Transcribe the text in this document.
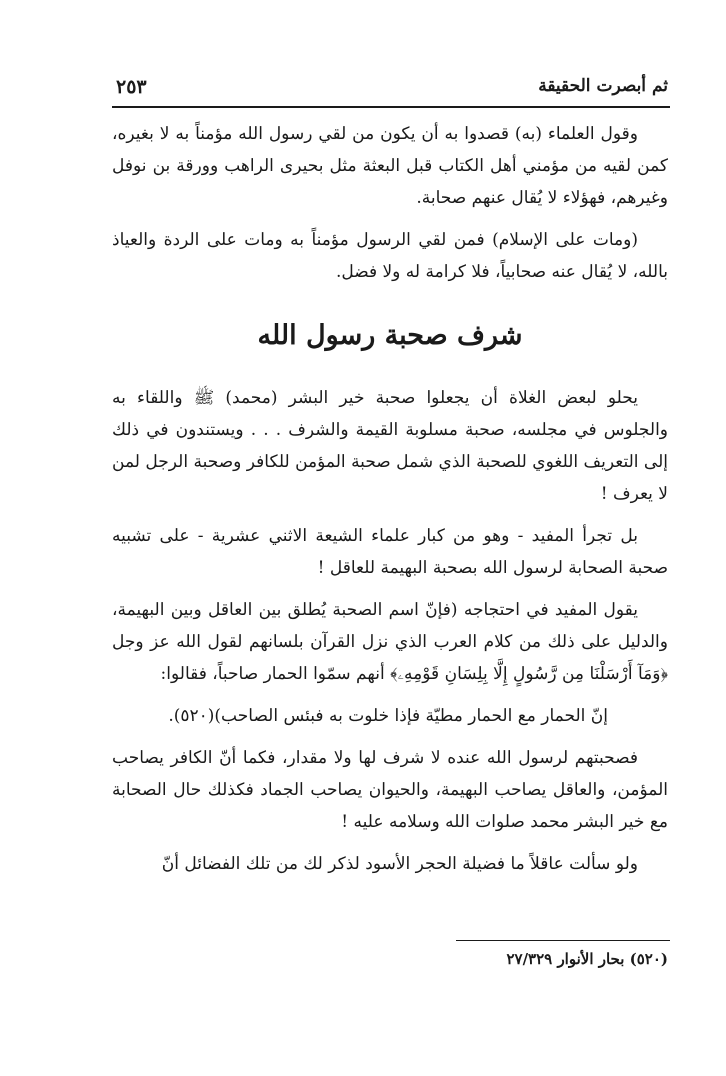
ثم أبصرت الحقيقة
٢٥٣

وقول العلماء (به) قصدوا به أن يكون من لقي رسول الله مؤمناً به لا بغيره، كمن لقيه من مؤمني أهل الكتاب قبل البعثة مثل بحيرى الراهب وورقة بن نوفل وغيرهم، فهؤلاء لا يُقال عنهم صحابة.

(ومات على الإسلام) فمن لقي الرسول مؤمناً به ومات على الردة والعياذ بالله، لا يُقال عنه صحابياً، فلا كرامة له ولا فضل.

شرف صحبة رسول الله

يحلو لبعض الغلاة أن يجعلوا صحبة خير البشر (محمد) ﷺ واللقاء به والجلوس في مجلسه، صحبة مسلوبة القيمة والشرف . . . ويستندون في ذلك إلى التعريف اللغوي للصحبة الذي شمل صحبة المؤمن للكافر وصحبة الرجل لمن لا يعرف !

بل تجرأ المفيد - وهو من كبار علماء الشيعة الاثني عشرية - على تشبيه صحبة الصحابة لرسول الله بصحبة البهيمة للعاقل !

يقول المفيد في احتجاجه (فإنّ اسم الصحبة يُطلق بين العاقل وبين البهيمة، والدليل على ذلك من كلام العرب الذي نزل القرآن بلسانهم لقول الله عز وجل ﴿وَمَآ أَرْسَلْنَا مِن رَّسُولٍ إِلَّا بِلِسَانِ قَوْمِهِۦ﴾ أنهم سمّوا الحمار صاحباً، فقالوا:

إنّ الحمار مع الحمار مطيّة فإذا خلوت به فبئس الصاحب)(٥٢٠).

فصحبتهم لرسول الله عنده لا شرف لها ولا مقدار، فكما أنّ الكافر يصاحب المؤمن، والعاقل يصاحب البهيمة، والحيوان يصاحب الجماد فكذلك حال الصحابة مع خير البشر محمد صلوات الله وسلامه عليه !

ولو سألت عاقلاً ما فضيلة الحجر الأسود لذكر لك من تلك الفضائل أنّ

(٥٢٠) بحار الأنوار ٢٧/٣٢٩
